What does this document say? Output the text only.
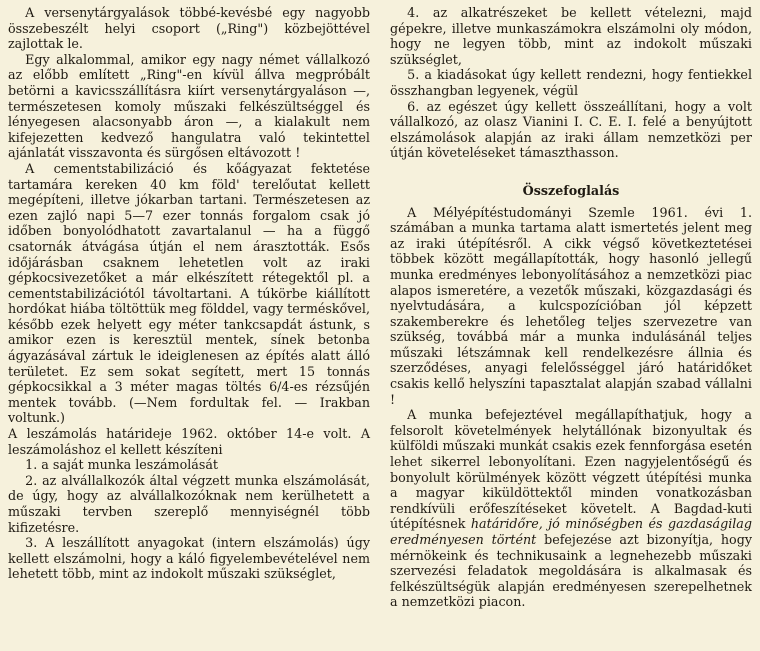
A versenytárgyalások többé-kevésbé egy nagyobb összebeszélt helyi csoport („Ring") közbejöttével zajlottak le.

Egy alkalommal, amikor egy nagy német vállalkozó az előbb említett „Ring"-en kívül állva megpróbált betörni a kavicsszállításra kiírt versenytárgyaláson —, természetesen komoly műszaki felkészültséggel és lényegesen alacsonyabb áron —, a kialakult nem kifejezetten kedvező hangulatra való tekintettel ajánlatát visszavonta és sürgősen eltávozott !

A cementstabilizáció és kőágyazat fektetése tartamára kereken 40 km föld' terelőutat kellett megépíteni, illetve jókarban tartani. Természetesen az ezen zajló napi 5—7 ezer tonnás forgalom csak jó időben bonyolódhatott zavartalanul — ha a függő csatornák átvágása útján el nem árasztották. Esős időjárásban csaknem lehetetlen volt az iraki gépkocsivezetőket a már elkészített rétegektől pl. a cementstabilizációtól távoltartani. A túkörbe kiállított hordókat hiába töltöttük meg földdel, vagy terméskővel, később ezek helyett egy méter tankcsapdát ástunk, s amikor ezen is keresztül mentek, sínek betonba ágyazásával zártuk le ideiglenesen az építés alatt álló területet. Ez sem sokat segített, mert 15 tonnás gépkocsikkal a 3 méter magas töltés 6/4-es rézsűjén mentek tovább. (—Nem fordultak fel. — Irakban voltunk.)

A leszámolás határideje 1962. október 14-e volt. A leszámoláshoz el kellett készíteni

1. a saját munka leszámolását

2. az alvállalkozók által végzett munka elszámolását, de úgy, hogy az alvállalkozóknak nem kerülhetett a műszaki tervben szereplő mennyiségnél több kifizetésre.

3. A leszállított anyagokat (intern elszámolás) úgy kellett elszámolni, hogy a káló figyelembevételével nem lehetett több, mint az indokolt műszaki szükséglet,

4. az alkatrészeket be kellett vételezni, majd gépekre, illetve munkaszámokra elszámolni oly módon, hogy ne legyen több, mint az indokolt műszaki szükséglet,

5. a kiadásokat úgy kellett rendezni, hogy fentiekkel összhangban legyenek, végül

6. az egészet úgy kellett összeállítani, hogy a volt vállalkozó, az olasz Vianini I. C. E. I. felé a benyújtott elszámolások alapján az iraki állam nemzetközi per útján követeléseket támaszthasson.

Összefoglalás

A Mélyépítéstudományi Szemle 1961. évi 1. számában a munka tartama alatt ismertetés jelent meg az iraki útépítésről. A cikk végső következtetései többek között megállapították, hogy hasonló jellegű munka eredményes lebonyolításához a nemzetközi piac alapos ismeretére, a vezetők műszaki, közgazdasági és nyelvtudására, a kulcspozícióban jól képzett szakemberekre és lehetőleg teljes szervezetre van szükség, továbbá már a munka indulásánál teljes műszaki létszámnak kell rendelkezésre állnia és szerződéses, anyagi felelősséggel járó határidőket csakis kellő helyszíni tapasztalat alapján szabad vállalni !

A munka befejeztével megállapíthatjuk, hogy a felsorolt követelmények helytállónak bizonyultak és külföldi műszaki munkát csakis ezek fennforgása esetén lehet sikerrel lebonyolítani. Ezen nagyjelentőségű és bonyolult körülmények között végzett útépítési munka a magyar kiküldöttektől minden vonatkozásban rendkívüli erőfeszítéseket követelt. A Bagdad-kuti útépítésnek határidőre, jó minőségben és gazdaságilag eredményesen történt befejezése azt bizonyítja, hogy mérnökeink és technikusaink a legnehezebb műszaki szervezési feladatok megoldására is alkalmasak és felkészültségük alapján eredményesen szerepelhetnek a nemzetközi piacon.
